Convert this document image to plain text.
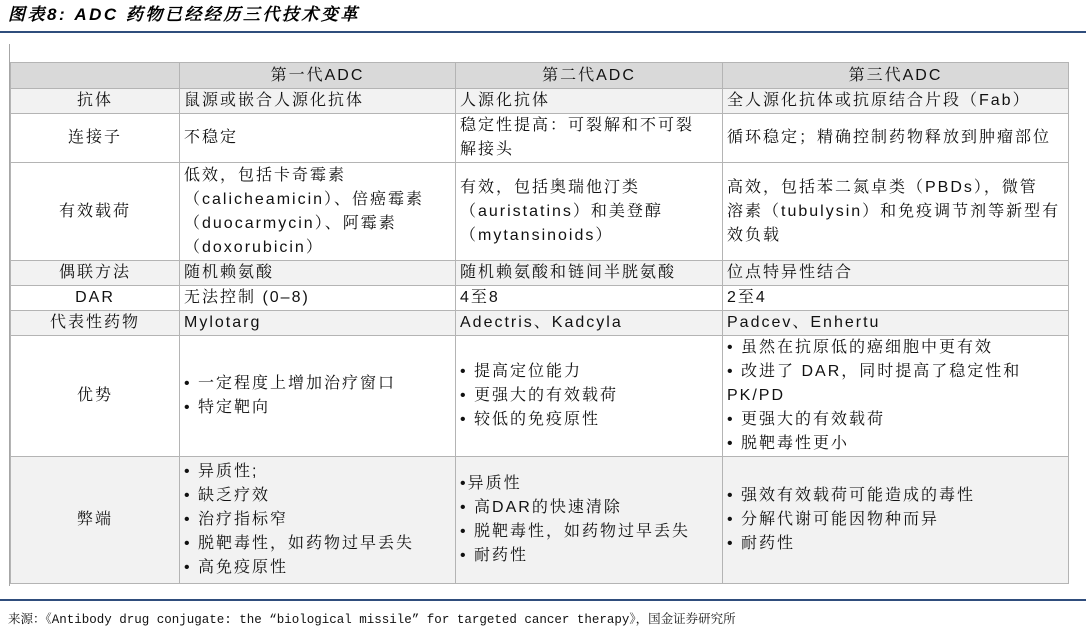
图表8: ADC 药物已经经历三代技术变革
	第一代ADC	第二代ADC	第三代ADC
抗体	鼠源或嵌合人源化抗体	人源化抗体	全人源化抗体或抗原结合片段（Fab）

连接子	不稳定	稳定性提高：可裂解和不可裂
解接头	循环稳定；精确控制药物释放到肿瘤部位

有效载荷	低效，包括卡奇霉素
（calicheamicin）、倍癌霉素
（duocarmycin）、阿霉素
（doxorubicin）	有效，包括奥瑞他汀类
（auristatins）和美登醇
（mytansinoids）	高效，包括苯二氮卓类（PBDs），微管
溶素（tubulysin）和免疫调节剂等新型有
效负载

偶联方法	随机赖氨酸	随机赖氨酸和链间半胱氨酸	位点特异性结合

DAR	无法控制 (0–8)	4至8	2至4

代表性药物	Mylotarg	Adectris、Kadcyla	Padcev、Enhertu

优势	• 一定程度上增加治疗窗口
• 特定靶向	• 提高定位能力
• 更强大的有效载荷
• 较低的免疫原性	• 虽然在抗原低的癌细胞中更有效
• 改进了 DAR，同时提高了稳定性和
PK/PD
• 更强大的有效载荷
• 脱靶毒性更小

弊端	• 异质性;
• 缺乏疗效
• 治疗指标窄
• 脱靶毒性，如药物过早丢失
• 高免疫原性	•异质性
• 高DAR的快速清除
• 脱靶毒性，如药物过早丢失
• 耐药性	• 强效有效载荷可能造成的毒性
• 分解代谢可能因物种而异
• 耐药性
来源：《Antibody drug conjugate: the “biological missile” for targeted cancer therapy》，国金证券研究所
